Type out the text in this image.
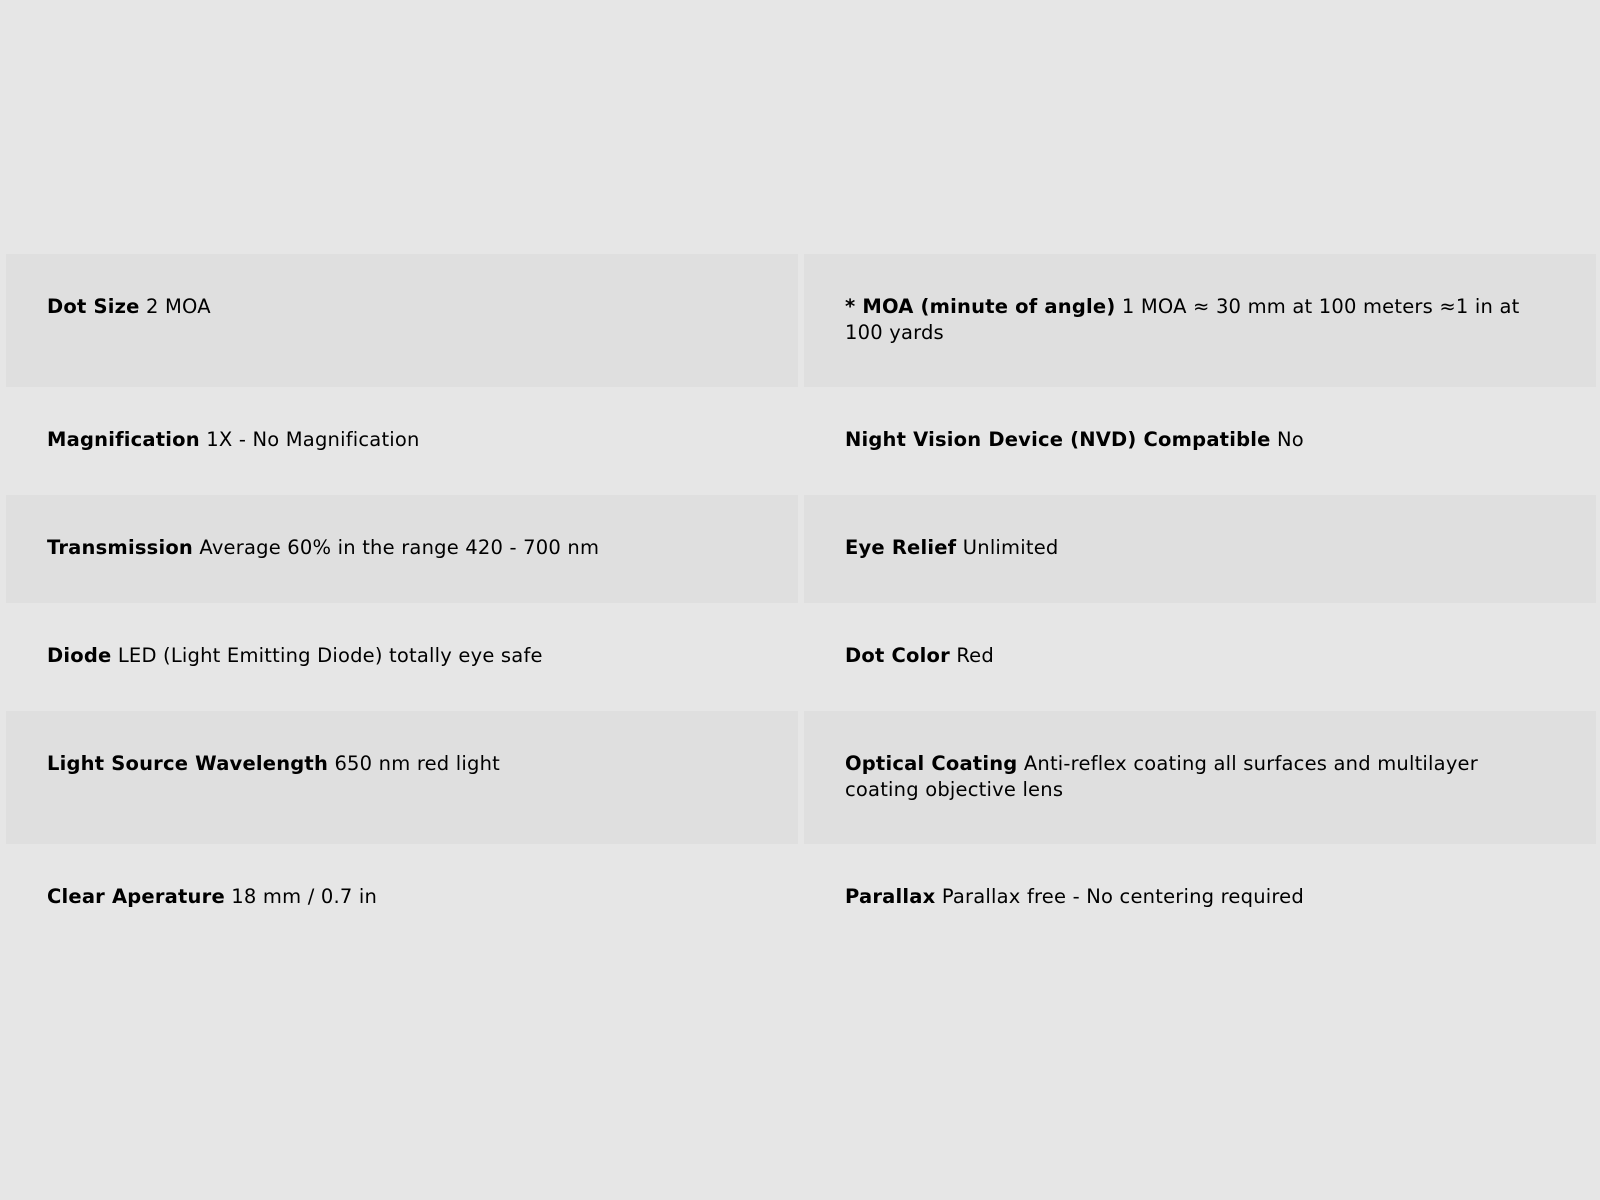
Dot Size 2 MOA	* MOA (minute of angle) 1 MOA ≈ 30 mm at 100 meters ≈1 in at 100 yards
Magnification 1X - No Magnification	Night Vision Device (NVD) Compatible No
Transmission Average 60% in the range 420 - 700 nm	Eye Relief Unlimited
Diode LED (Light Emitting Diode) totally eye safe	Dot Color Red
Light Source Wavelength 650 nm red light	Optical Coating Anti-reflex coating all surfaces and multilayer coating objective lens
Clear Aperature 18 mm / 0.7 in	Parallax Parallax free - No centering required
